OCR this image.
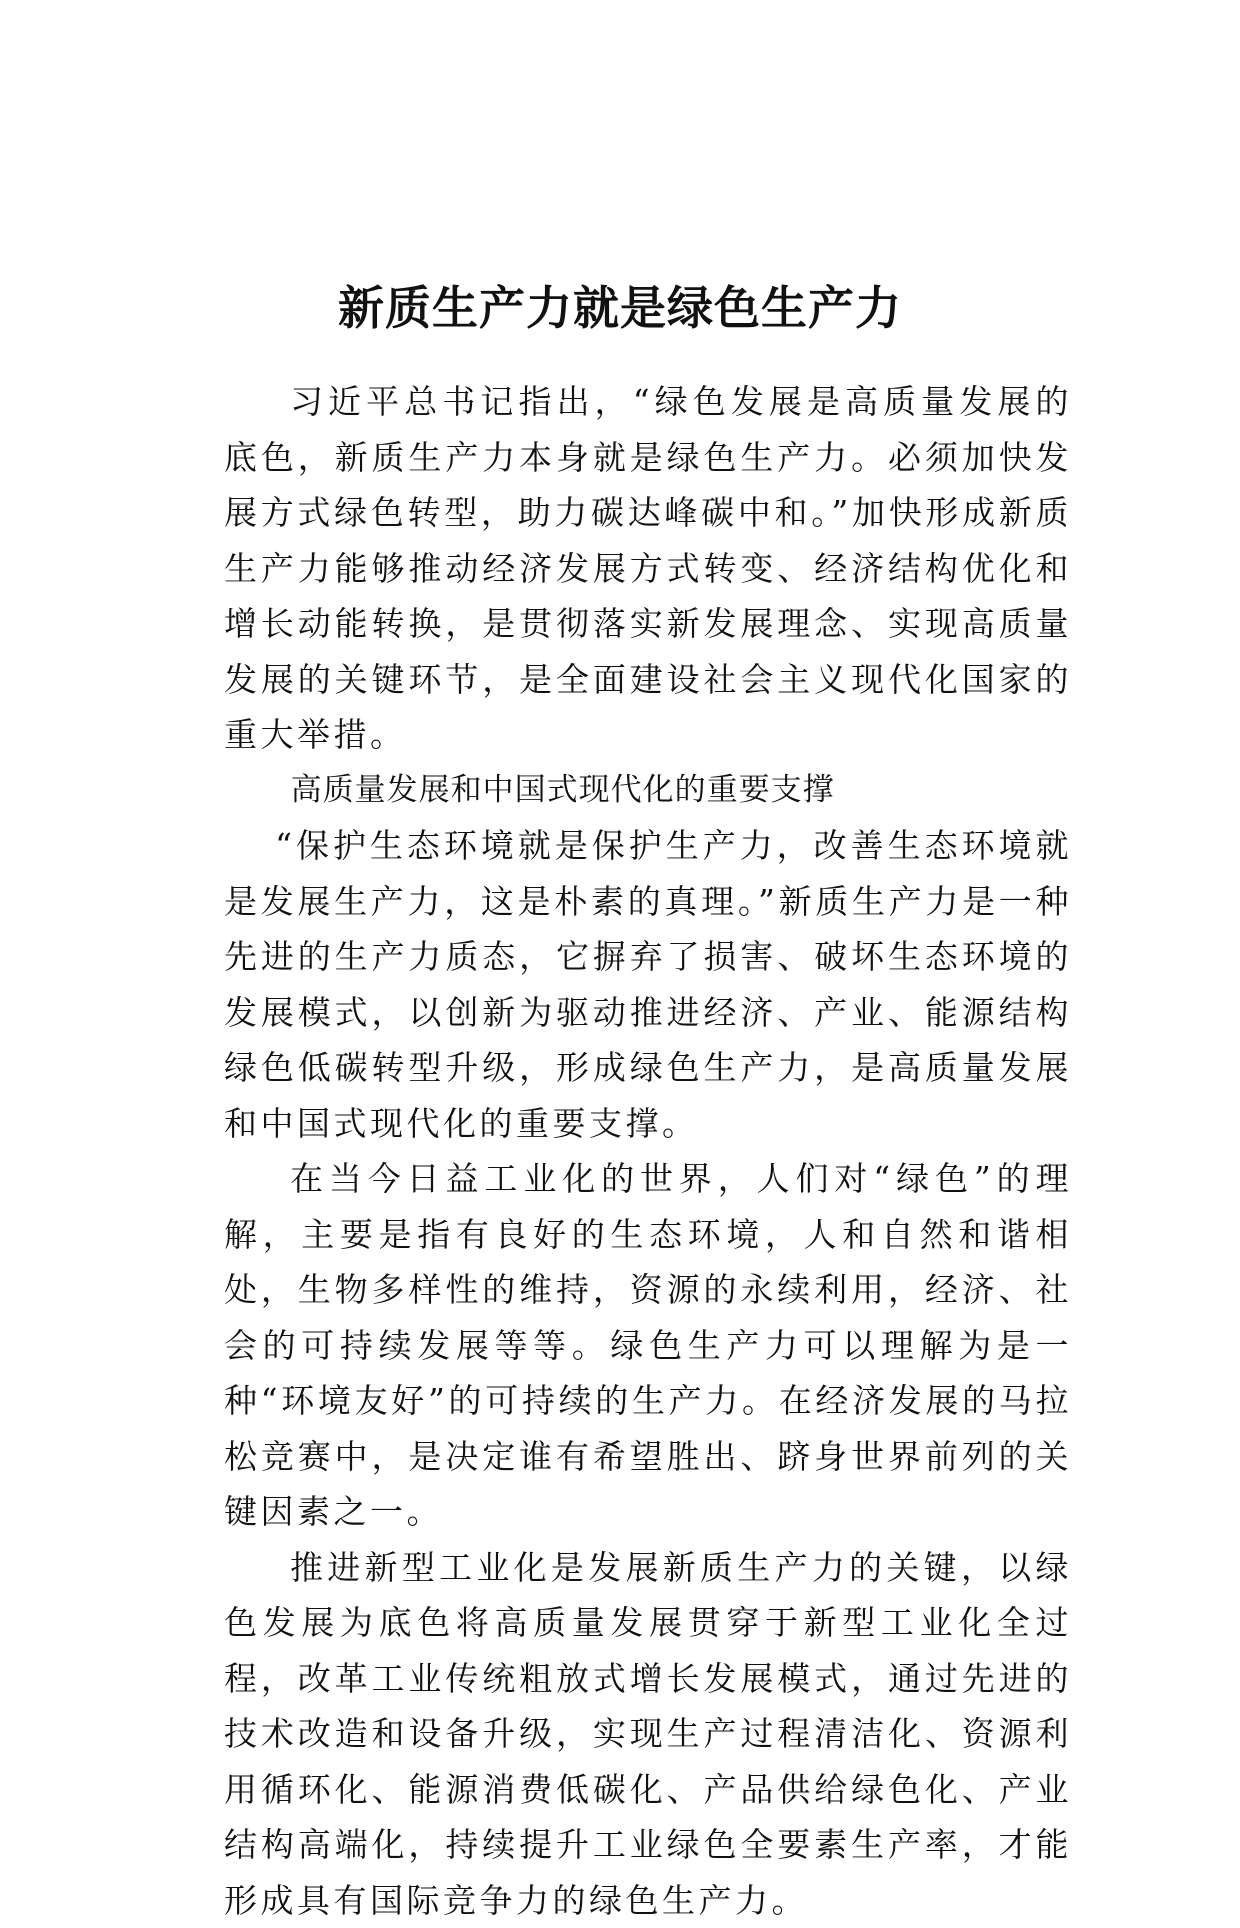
新质生产力就是绿色生产力

习近平总书记指出，“绿色发展是高质量发展的底色，新质生产力本身就是绿色生产力。必须加快发展方式绿色转型，助力碳达峰碳中和。”加快形成新质生产力能够推动经济发展方式转变、经济结构优化和增长动能转换，是贯彻落实新发展理念、实现高质量发展的关键环节，是全面建设社会主义现代化国家的重大举措。

高质量发展和中国式现代化的重要支撑

“保护生态环境就是保护生产力，改善生态环境就是发展生产力，这是朴素的真理。”新质生产力是一种先进的生产力质态，它摒弃了损害、破坏生态环境的发展模式，以创新为驱动推进经济、产业、能源结构绿色低碳转型升级，形成绿色生产力，是高质量发展和中国式现代化的重要支撑。

在当今日益工业化的世界，人们对“绿色”的理解，主要是指有良好的生态环境，人和自然和谐相处，生物多样性的维持，资源的永续利用，经济、社会的可持续发展等等。绿色生产力可以理解为是一种“环境友好”的可持续的生产力。在经济发展的马拉松竞赛中，是决定谁有希望胜出、跻身世界前列的关键因素之一。

推进新型工业化是发展新质生产力的关键，以绿色发展为底色将高质量发展贯穿于新型工业化全过程，改革工业传统粗放式增长发展模式，通过先进的技术改造和设备升级，实现生产过程清洁化、资源利用循环化、能源消费低碳化、产品供给绿色化、产业结构高端化，持续提升工业绿色全要素生产率，才能形成具有国际竞争力的绿色生产力。
